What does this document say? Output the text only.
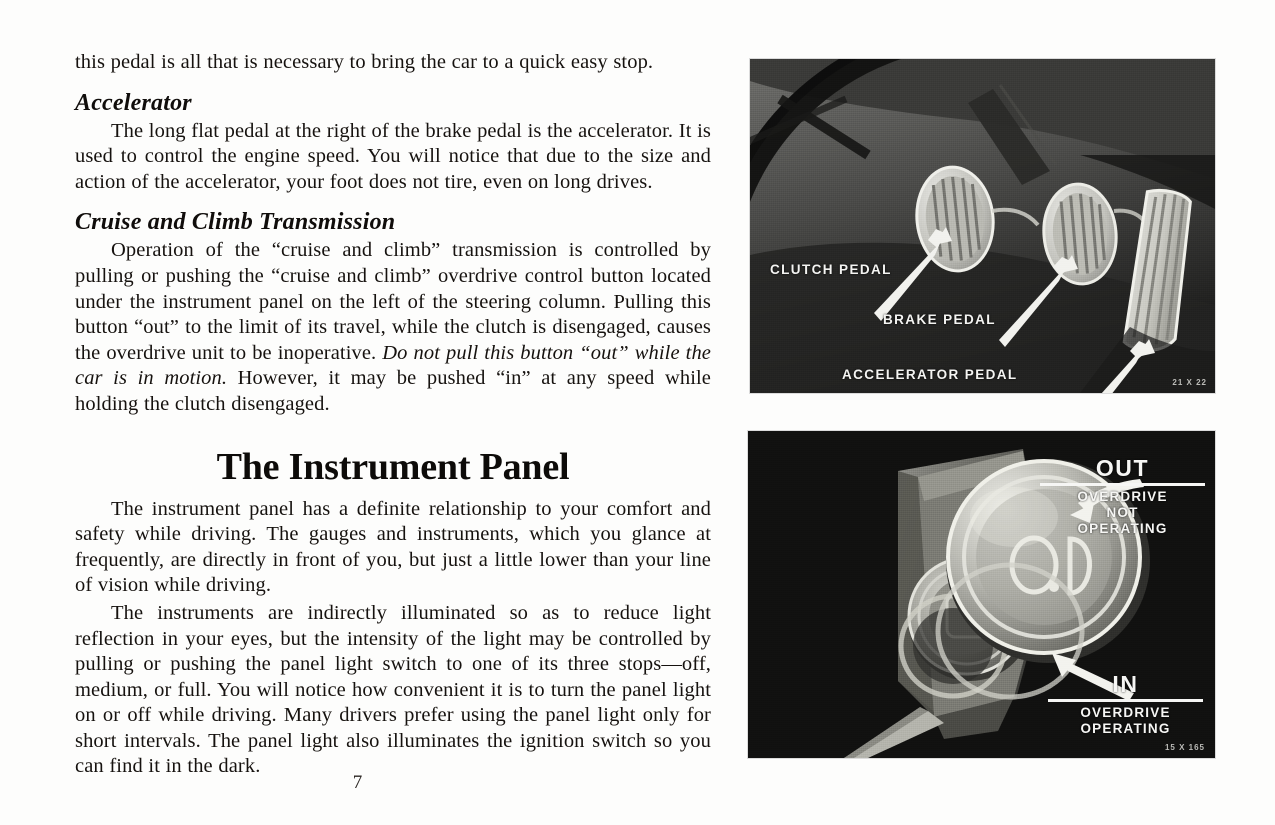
this pedal is all that is necessary to bring the car to a quick easy stop.

Accelerator

The long flat pedal at the right of the brake pedal is the accelerator. It is used to control the engine speed. You will notice that due to the size and action of the accelerator, your foot does not tire, even on long drives.

Cruise and Climb Transmission

Operation of the “cruise and climb” transmission is controlled by pulling or pushing the “cruise and climb” overdrive control button located under the instrument panel on the left of the steering column. Pulling this button “out” to the limit of its travel, while the clutch is disengaged, causes the overdrive unit to be inoperative. Do not pull this button “out” while the car is in motion. However, it may be pushed “in” at any speed while holding the clutch disengaged.

The Instrument Panel

The instrument panel has a definite relationship to your comfort and safety while driving. The gauges and instruments, which you glance at frequently, are directly in front of you, but just a little lower than your line of vision while driving.

The instruments are indirectly illuminated so as to reduce light reflection in your eyes, but the intensity of the light may be controlled by pulling or pushing the panel light switch to one of its three stops—off, medium, or full. You will notice how convenient it is to turn the panel light on or off while driving. Many drivers prefer using the panel light only for short intervals. The panel light also illuminates the ignition switch so you can find it in the dark.

7
CLUTCH PEDAL
BRAKE PEDAL
ACCELERATOR PEDAL
21 X 22
OUT
OVERDRIVE
NOT
OPERATING
IN
OVERDRIVE
OPERATING
15 X 165
